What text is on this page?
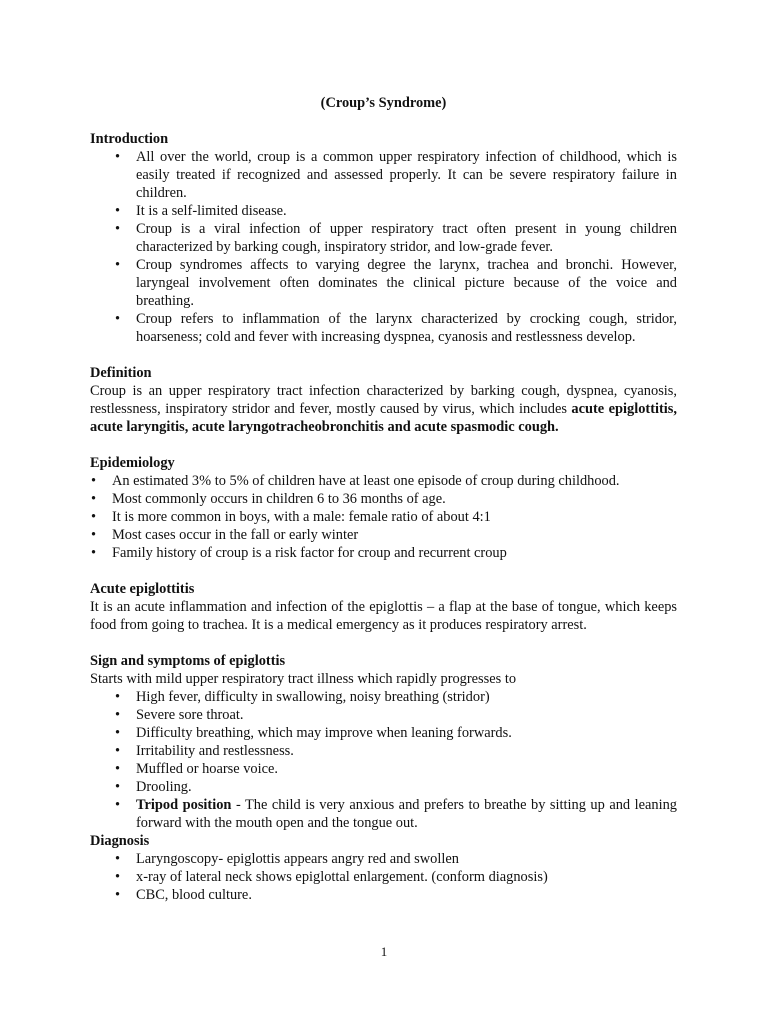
(Croup’s Syndrome)

Introduction

• All over the world, croup is a common upper respiratory infection of childhood, which is easily treated if recognized and assessed properly. It can be severe respiratory failure in children.
• It is a self-limited disease.
• Croup is a viral infection of upper respiratory tract often present in young children characterized by barking cough, inspiratory stridor, and low-grade fever.
• Croup syndromes affects to varying degree the larynx, trachea and bronchi. However, laryngeal involvement often dominates the clinical picture because of the voice and breathing.
• Croup refers to inflammation of the larynx characterized by crocking cough, stridor, hoarseness; cold and fever with increasing dyspnea, cyanosis and restlessness develop.

Definition

Croup is an upper respiratory tract infection characterized by barking cough, dyspnea, cyanosis, restlessness, inspiratory stridor and fever, mostly caused by virus, which includes acute epiglottitis, acute laryngitis, acute laryngotracheobronchitis and acute spasmodic cough.

Epidemiology

• An estimated 3% to 5% of children have at least one episode of croup during childhood.
• Most commonly occurs in children 6 to 36 months of age.
• It is more common in boys, with a male: female ratio of about 4:1
• Most cases occur in the fall or early winter
• Family history of croup is a risk factor for croup and recurrent croup

Acute epiglottitis

It is an acute inflammation and infection of the epiglottis – a flap at the base of tongue, which keeps food from going to trachea. It is a medical emergency as it produces respiratory arrest.

Sign and symptoms of epiglottis

Starts with mild upper respiratory tract illness which rapidly progresses to

• High fever, difficulty in swallowing, noisy breathing (stridor)
• Severe sore throat.
• Difficulty breathing, which may improve when leaning forwards.
• Irritability and restlessness.
• Muffled or hoarse voice.
• Drooling.
• Tripod position - The child is very anxious and prefers to breathe by sitting up and leaning forward with the mouth open and the tongue out.

Diagnosis

• Laryngoscopy- epiglottis appears angry red and swollen
• x-ray of lateral neck shows epiglottal enlargement. (conform diagnosis)
• CBC, blood culture.
1
